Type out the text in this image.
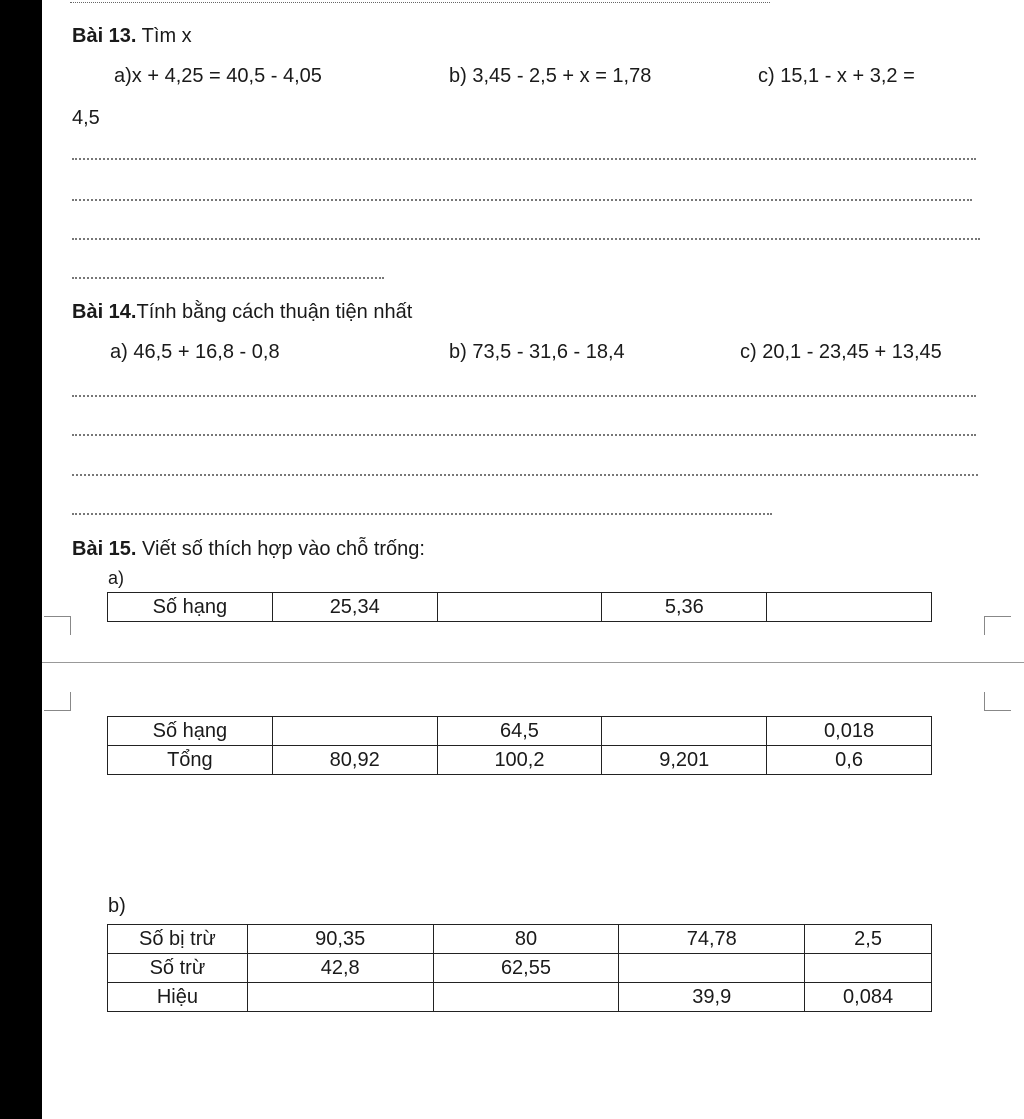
Bài 13. Tìm x
a)x + 4,25 = 40,5 - 4,05	b) 3,45 - 2,5 + x = 1,78	c) 15,1 - x + 3,2 =
4,5
Bài 14.Tính bằng cách thuận tiện nhất
a) 46,5 + 16,8 - 0,8	b) 73,5 - 31,6 - 18,4	c) 20,1 - 23,45 + 13,45
Bài 15. Viết số thích hợp vào chỗ trống:
a)
Số hạng	25,34		5,36	
Số hạng		64,5		0,018
Tổng	80,92	100,2	9,201	0,6
b)
Số bị trừ	90,35	80	74,78	2,5
Số trừ	42,8	62,55		
Hiệu			39,9	0,084
